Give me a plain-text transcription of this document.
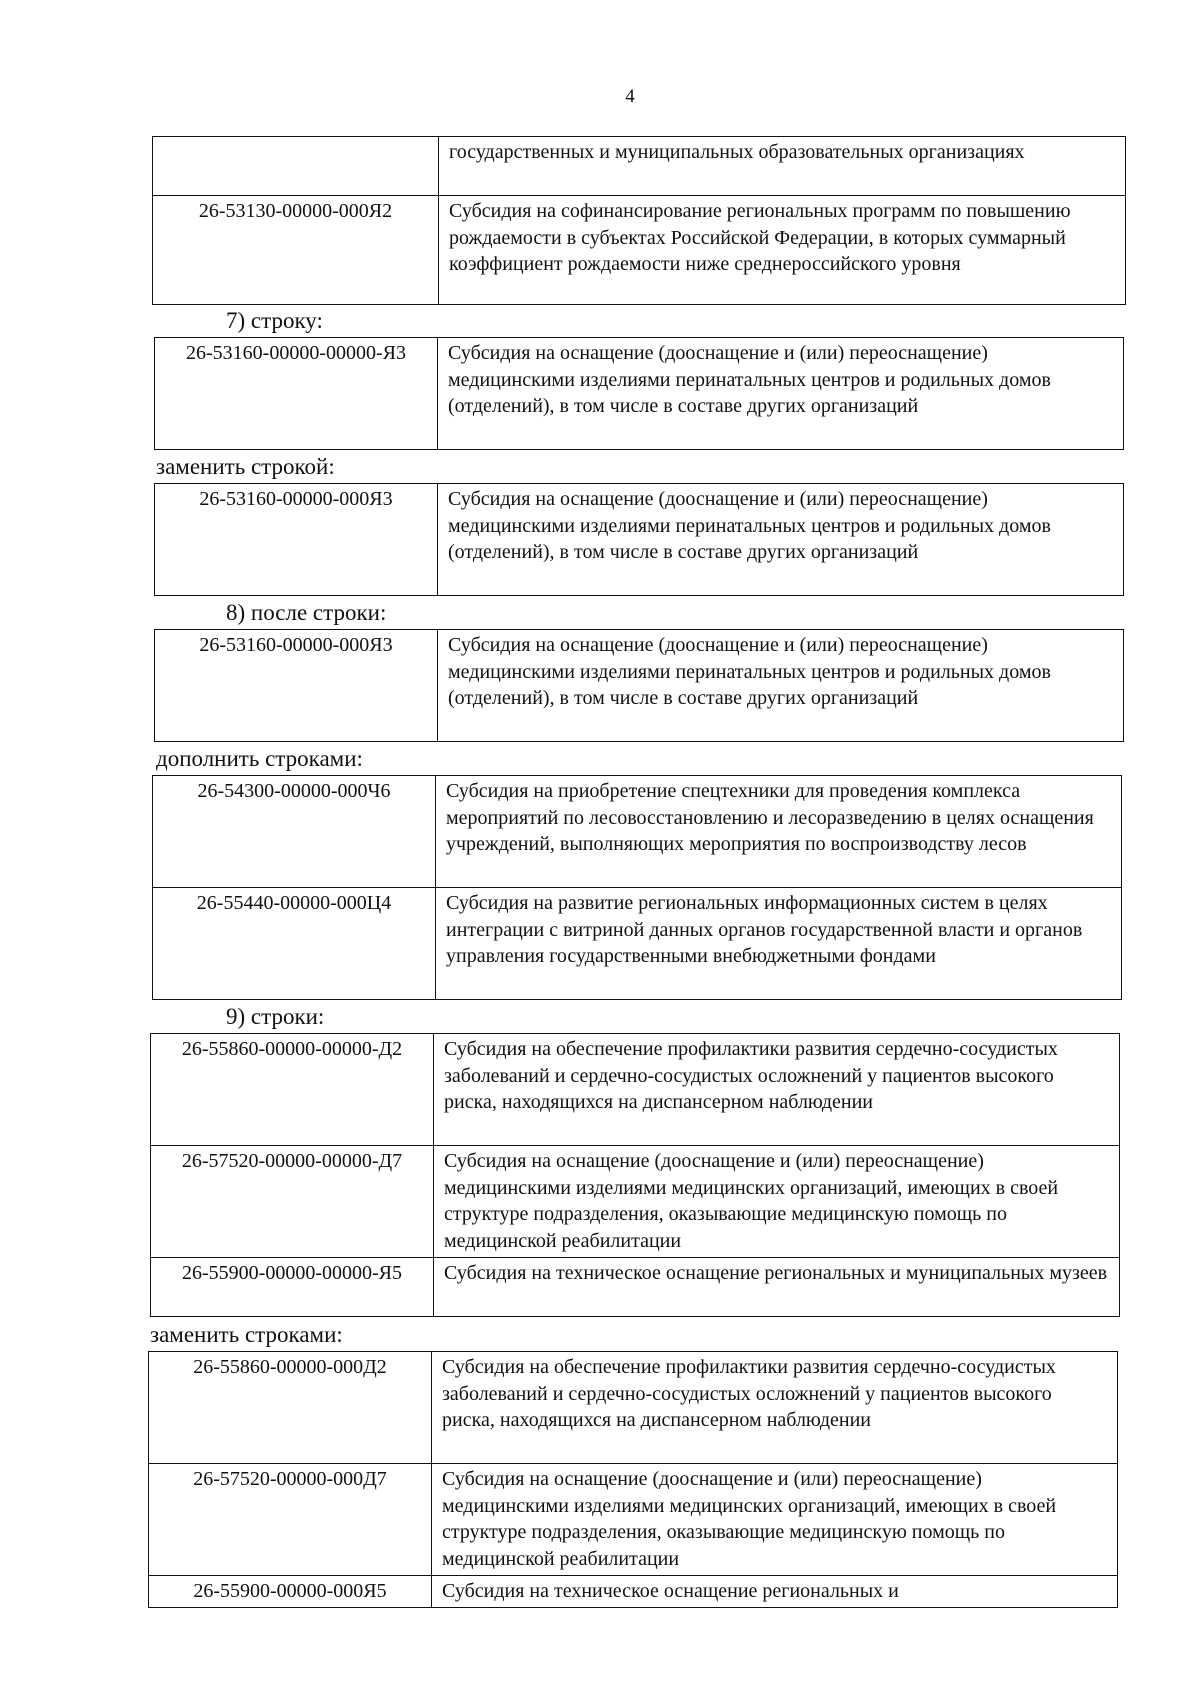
4
	государственных и муниципальных образовательных организациях
26-53130-00000-000Я2	Субсидия на софинансирование региональных программ по повышению рождаемости в субъектах Российской Федерации, в которых суммарный коэффициент рождаемости ниже среднероссийского уровня
7) строку:
26-53160-00000-00000-Я3	Субсидия на оснащение (дооснащение и (или) переоснащение) медицинскими изделиями перинатальных центров и родильных домов (отделений), в том числе в составе других организаций
заменить строкой:
26-53160-00000-000Я3	Субсидия на оснащение (дооснащение и (или) переоснащение) медицинскими изделиями перинатальных центров и родильных домов (отделений), в том числе в составе других организаций
8) после строки:
26-53160-00000-000Я3	Субсидия на оснащение (дооснащение и (или) переоснащение) медицинскими изделиями перинатальных центров и родильных домов (отделений), в том числе в составе других организаций
дополнить строками:
26-54300-00000-000Ч6	Субсидия на приобретение спецтехники для проведения комплекса мероприятий по лесовосстановлению и лесоразведению в целях оснащения учреждений, выполняющих мероприятия по воспроизводству лесов
26-55440-00000-000Ц4	Субсидия на развитие региональных информационных систем в целях интеграции с витриной данных органов государственной власти и органов управления государственными внебюджетными фондами
9) строки:
26-55860-00000-00000-Д2	Субсидия на обеспечение профилактики развития сердечно-сосудистых заболеваний и сердечно-сосудистых осложнений у пациентов высокого риска, находящихся на диспансерном наблюдении
26-57520-00000-00000-Д7	Субсидия на оснащение (дооснащение и (или) переоснащение) медицинскими изделиями медицинских организаций, имеющих в своей структуре подразделения, оказывающие медицинскую помощь по медицинской реабилитации
26-55900-00000-00000-Я5	Субсидия на техническое оснащение региональных и муниципальных музеев
заменить строками:
26-55860-00000-000Д2	Субсидия на обеспечение профилактики развития сердечно-сосудистых заболеваний и сердечно-сосудистых осложнений у пациентов высокого риска, находящихся на диспансерном наблюдении
26-57520-00000-000Д7	Субсидия на оснащение (дооснащение и (или) переоснащение) медицинскими изделиями медицинских организаций, имеющих в своей структуре подразделения, оказывающие медицинскую помощь по медицинской реабилитации
26-55900-00000-000Я5	Субсидия на техническое оснащение региональных и
